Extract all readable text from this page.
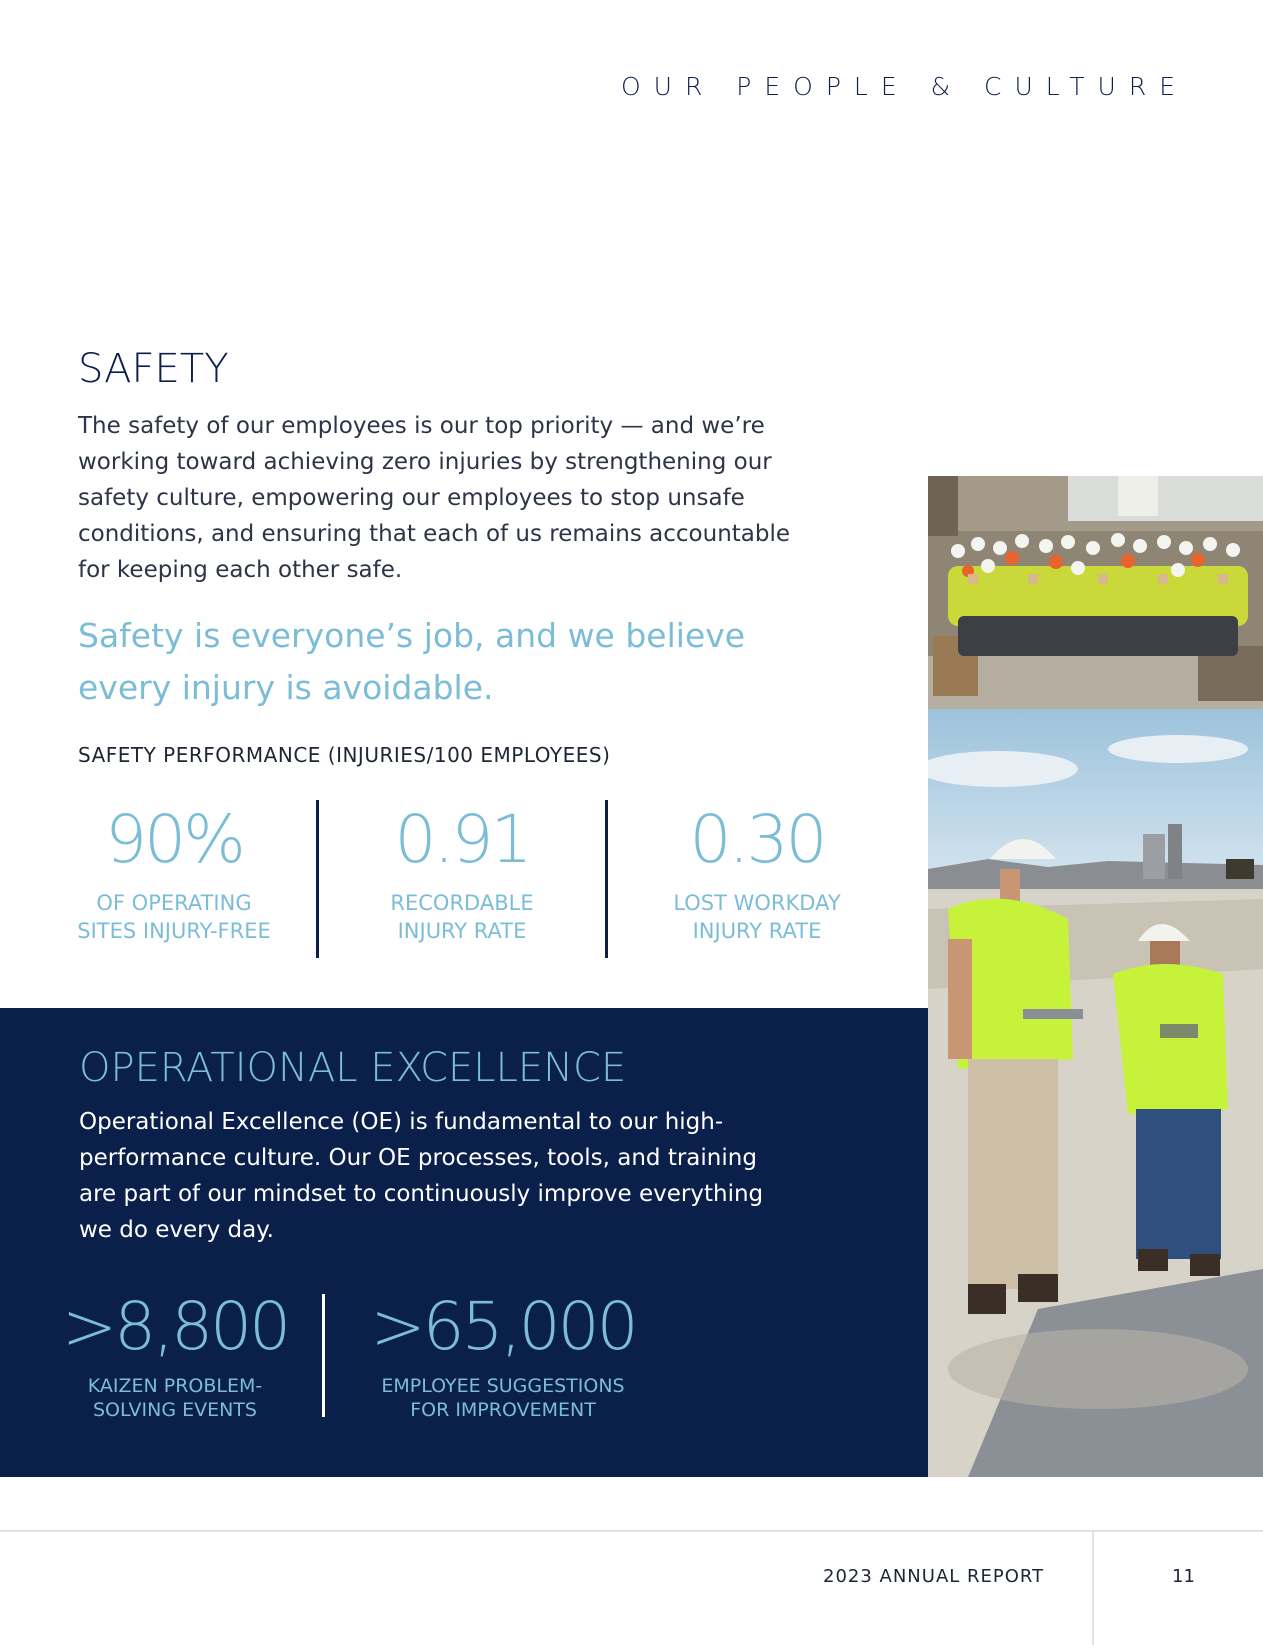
OUR PEOPLE & CULTURE
SAFETY

The safety of our employees is our top priority — and we’re working toward achieving zero injuries by strengthening our safety culture, empowering our employees to stop unsafe conditions, and ensuring that each of us remains accountable for keeping each other safe.

Safety is everyone’s job, and we believe every injury is avoidable.

SAFETY PERFORMANCE (INJURIES/100 EMPLOYEES)
90%
OF OPERATING
SITES INJURY-FREE
0.91
RECORDABLE
INJURY RATE
0.30
LOST WORKDAY
INJURY RATE
OPERATIONAL EXCELLENCE

Operational Excellence (OE) is fundamental to our high-performance culture. Our OE processes, tools, and training are part of our mindset to continuously improve everything we do every day.

>8,800
KAIZEN PROBLEM-
SOLVING EVENTS
>65,000
EMPLOYEE SUGGESTIONS
FOR IMPROVEMENT
2023 ANNUAL REPORT	11
